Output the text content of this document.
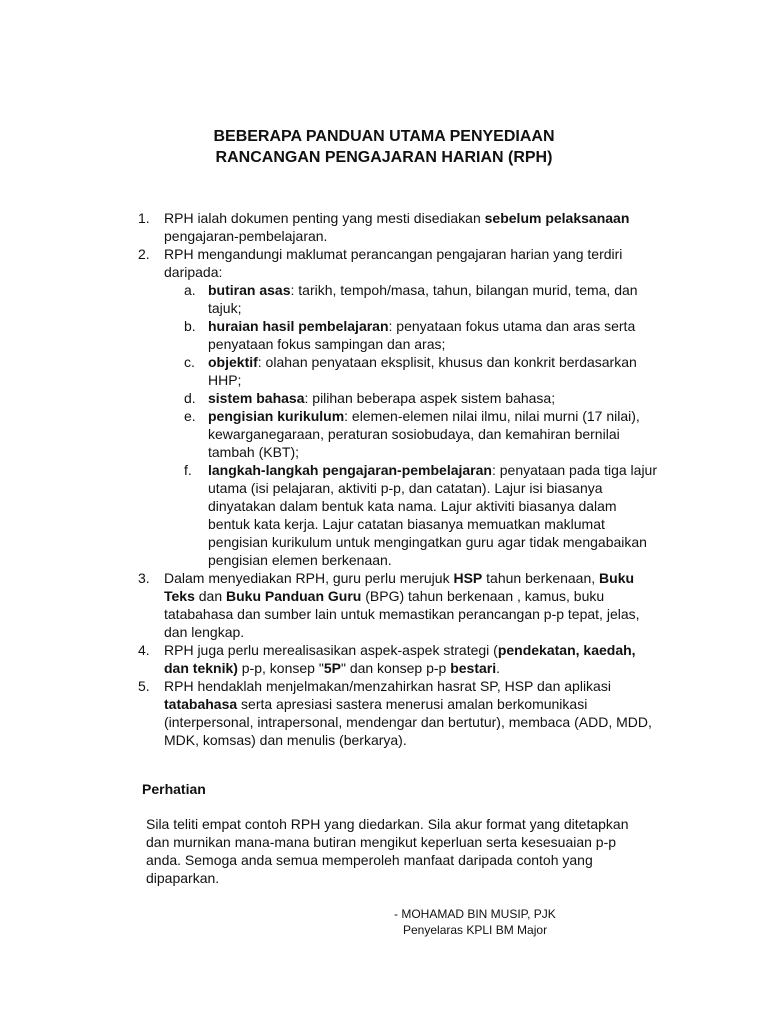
BEBERAPA PANDUAN UTAMA PENYEDIAAN
RANCANGAN PENGAJARAN HARIAN (RPH)
1. RPH ialah dokumen penting yang mesti disediakan sebelum pelaksanaan pengajaran-pembelajaran.
2. RPH mengandungi maklumat perancangan pengajaran harian yang terdiri daripada:
a. butiran asas: tarikh, tempoh/masa, tahun, bilangan murid, tema, dan tajuk;
b. huraian hasil pembelajaran: penyataan fokus utama dan aras serta penyataan fokus sampingan dan aras;
c. objektif: olahan penyataan eksplisit, khusus dan konkrit berdasarkan HHP;
d. sistem bahasa: pilihan beberapa aspek sistem bahasa;
e. pengisian kurikulum: elemen-elemen nilai ilmu, nilai murni (17 nilai), kewarganegaraan, peraturan sosiobudaya, dan kemahiran bernilai tambah (KBT);
f. langkah-langkah pengajaran-pembelajaran: penyataan pada tiga lajur utama (isi pelajaran, aktiviti p-p, dan catatan). Lajur isi biasanya dinyatakan dalam bentuk kata nama. Lajur aktiviti biasanya dalam bentuk kata kerja. Lajur catatan biasanya memuatkan maklumat pengisian kurikulum untuk mengingatkan guru agar tidak mengabaikan pengisian elemen berkenaan.
3. Dalam menyediakan RPH, guru perlu merujuk HSP tahun berkenaan, Buku Teks dan Buku Panduan Guru (BPG) tahun berkenaan , kamus, buku tatabahasa dan sumber lain untuk memastikan perancangan p-p tepat, jelas, dan lengkap.
4. RPH juga perlu merealisasikan aspek-aspek strategi (pendekatan, kaedah, dan teknik) p-p, konsep "5P" dan konsep p-p bestari.
5. RPH hendaklah menjelmakan/menzahirkan hasrat SP, HSP dan aplikasi tatabahasa serta apresiasi sastera menerusi amalan berkomunikasi (interpersonal, intrapersonal, mendengar dan bertutur), membaca (ADD, MDD, MDK, komsas) dan menulis (berkarya).
Perhatian
Sila teliti empat contoh RPH yang diedarkan. Sila akur format yang ditetapkan dan murnikan mana-mana butiran mengikut keperluan serta kesesuaian p-p anda. Semoga anda semua memperoleh manfaat daripada contoh yang dipaparkan.
- MOHAMAD BIN MUSIP, PJK
Penyelaras KPLI BM Major
